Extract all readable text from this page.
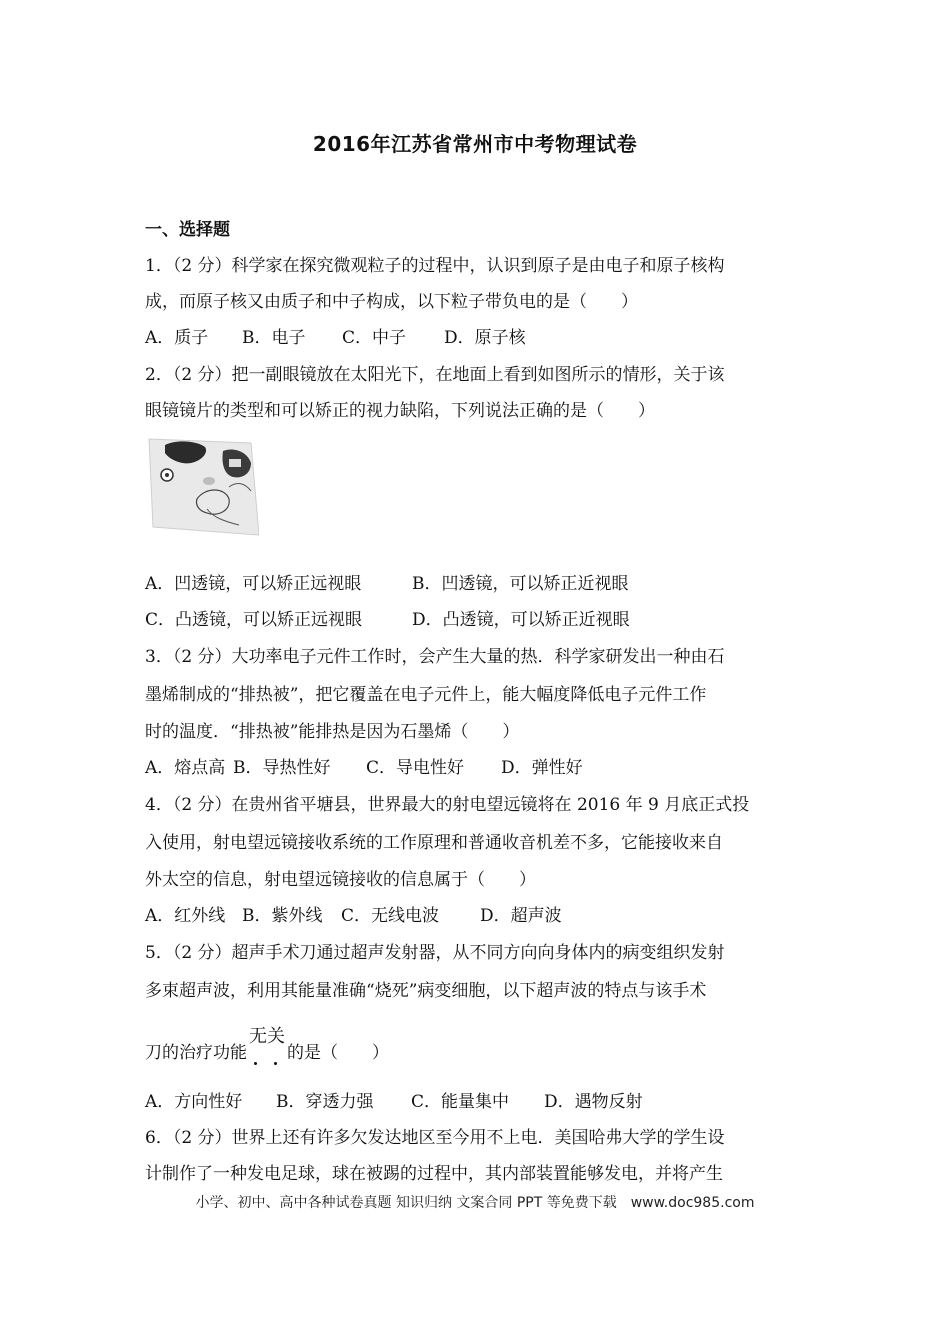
2016年江苏省常州市中考物理试卷
一、选择题
1．（2 分）科学家在探究微观粒子的过程中，认识到原子是由电子和原子核构
成，而原子核又由质子和中子构成，以下粒子带负电的是（　　）
A．质子 B．电子 C．中子 D．原子核
2．（2 分）把一副眼镜放在太阳光下，在地面上看到如图所示的情形，关于该
眼镜镜片的类型和可以矫正的视力缺陷，下列说法正确的是（　　）
A．凹透镜，可以矫正远视眼	B．凹透镜，可以矫正近视眼
C．凸透镜，可以矫正远视眼	D．凸透镜，可以矫正近视眼
3．（2 分）大功率电子元件工作时，会产生大量的热．科学家研发出一种由石
墨烯制成的“排热被”，把它覆盖在电子元件上，能大幅度降低电子元件工作
时的温度．“排热被”能排热是因为石墨烯（　　）
A．熔点高 B．导热性好 C．导电性好 D．弹性好
4．（2 分）在贵州省平塘县，世界最大的射电望远镜将在 2016 年 9 月底正式投
入使用，射电望远镜接收系统的工作原理和普通收音机差不多，它能接收来自
外太空的信息，射电望远镜接收的信息属于（　　）
A．红外线 B．紫外线 C．无线电波 D．超声波
5．（2 分）超声手术刀通过超声发射器，从不同方向向身体内的病变组织发射
多束超声波，利用其能量准确“烧死”病变细胞，以下超声波的特点与该手术
刀的治疗功能无关
的是（　　）
A．方向性好 B．穿透力强 C．能量集中 D．遇物反射
6．（2 分）世界上还有许多欠发达地区至今用不上电．美国哈弗大学的学生设
计制作了一种发电足球，球在被踢的过程中，其内部装置能够发电，并将产生
小学、初中、高中各种试卷真题 知识归纳 文案合同 PPT 等免费下载　www.doc985.com
